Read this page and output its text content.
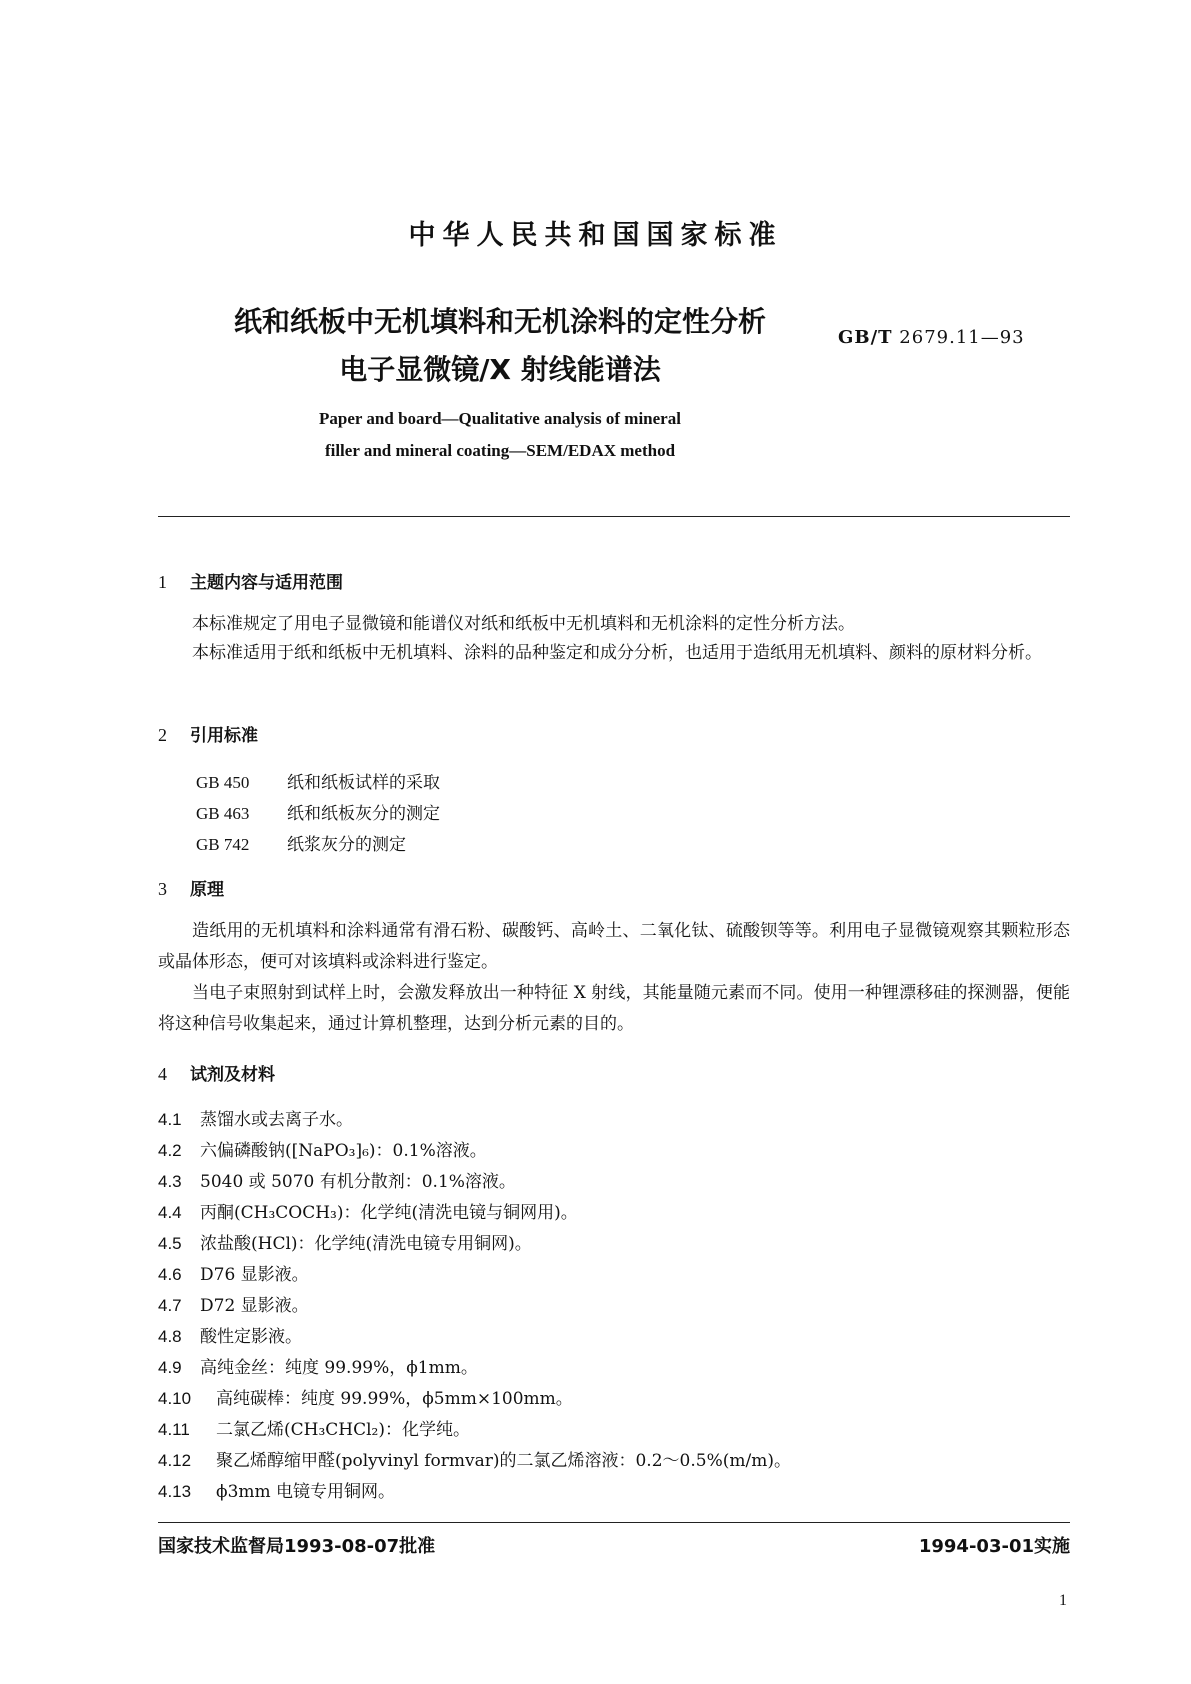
中华人民共和国国家标准
纸和纸板中无机填料和无机涂料的定性分析
电子显微镜/X 射线能谱法
GB/T 2679.11—93
Paper and board—Qualitative analysis of mineral
filler and mineral coating—SEM/EDAX method
1 主题内容与适用范围
本标准规定了用电子显微镜和能谱仪对纸和纸板中无机填料和无机涂料的定性分析方法。
本标准适用于纸和纸板中无机填料、涂料的品种鉴定和成分分析，也适用于造纸用无机填料、颜料的原材料分析。
2 引用标准
GB 450 纸和纸板试样的采取
GB 463 纸和纸板灰分的测定
GB 742 纸浆灰分的测定
3 原理
造纸用的无机填料和涂料通常有滑石粉、碳酸钙、高岭土、二氧化钛、硫酸钡等等。利用电子显微镜观察其颗粒形态或晶体形态，便可对该填料或涂料进行鉴定。
当电子束照射到试样上时，会激发释放出一种特征 X 射线，其能量随元素而不同。使用一种锂漂移硅的探测器，便能将这种信号收集起来，通过计算机整理，达到分析元素的目的。
4 试剂及材料
4.1 蒸馏水或去离子水。
4.2 六偏磷酸钠([NaPO₃]₆)：0.1%溶液。
4.3 5040 或 5070 有机分散剂：0.1%溶液。
4.4 丙酮(CH₃COCH₃)：化学纯(清洗电镜与铜网用)。
4.5 浓盐酸(HCl)：化学纯(清洗电镜专用铜网)。
4.6 D76 显影液。
4.7 D72 显影液。
4.8 酸性定影液。
4.9 高纯金丝：纯度 99.99%，ϕ1mm。
4.10 高纯碳棒：纯度 99.99%，ϕ5mm×100mm。
4.11 二氯乙烯(CH₃CHCl₂)：化学纯。
4.12 聚乙烯醇缩甲醛(polyvinyl formvar)的二氯乙烯溶液：0.2～0.5%(m/m)。
4.13 ϕ3mm 电镜专用铜网。
国家技术监督局1993-08-07批准	1994-03-01实施
1
